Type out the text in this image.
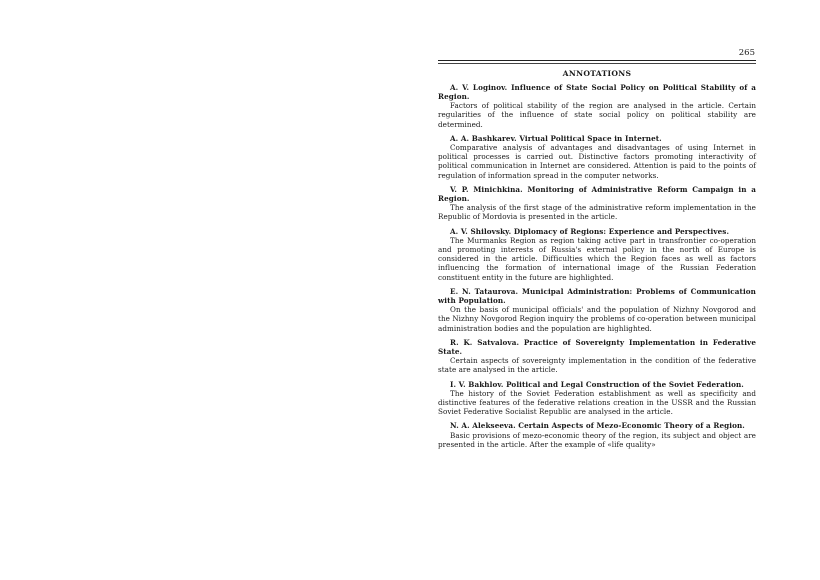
265
ANNOTATIONS
A. V. Loginov. Influence of State Social Policy on Political Stability of a Region.
Factors of political stability of the region are analysed in the article. Certain regularities of the influence of state social policy on political stability are determined.
A. A. Bashkarev. Virtual Political Space in Internet.
Comparative analysis of advantages and disadvantages of using Internet in political processes is carried out. Distinctive factors promoting interactivity of political communication in Internet are considered. Attention is paid to the points of regulation of information spread in the computer networks.
V. P. Minichkina. Monitoring of Administrative Reform Campaign in a Region.
The analysis of the first stage of the administrative reform implementation in the Republic of Mordovia is presented in the article.
A. V. Shilovsky. Diplomacy of Regions: Experience and Perspectives.
The Murmanks Region as region taking active part in transfrontier co-operation and promoting interests of Russia's external policy in the north of Europe is considered in the article. Difficulties which the Region faces as well as factors influencing the formation of international image of the Russian Federation constituent entity in the future are highlighted.
E. N. Tataurova. Municipal Administration: Problems of Communication with Population.
On the basis of municipal officials' and the population of Nizhny Novgorod and the Nizhny Novgorod Region inquiry the problems of co-operation between municipal administration bodies and the population are highlighted.
R. K. Satvalova. Practice of Sovereignty Implementation in Federative State.
Certain aspects of sovereignty implementation in the condition of the federative state are analysed in the article.
I. V. Bakhlov. Political and Legal Construction of the Soviet Federation.
The history of the Soviet Federation establishment as well as specificity and distinctive features of the federative relations creation in the USSR and the Russian Soviet Federative Socialist Republic are analysed in the article.
N. A. Alekseeva. Certain Aspects of Mezo-Economic Theory of a Region.
Basic provisions of mezo-economic theory of the region, its subject and object are presented in the article. After the example of «life quality»
